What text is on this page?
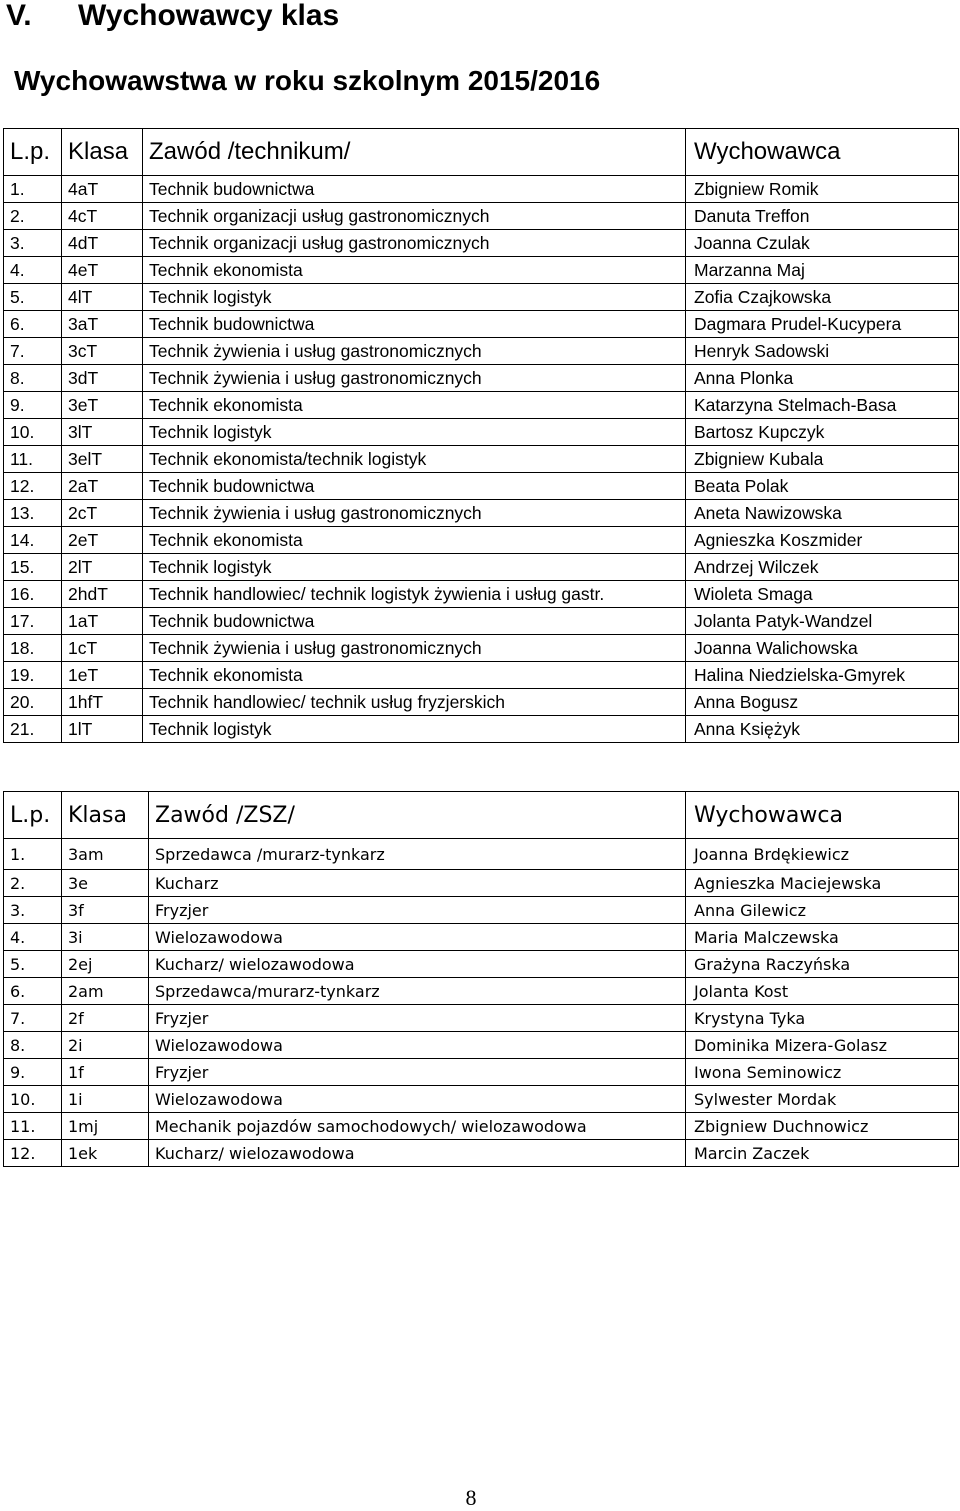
V. Wychowawcy klas
Wychowawstwa w roku szkolnym 2015/2016
L.p.	Klasa	Zawód /technikum/	Wychowawca
1.	4aT	Technik budownictwa	Zbigniew Romik
2.	4cT	Technik organizacji usług gastronomicznych	Danuta Treffon
3.	4dT	Technik organizacji usług gastronomicznych	Joanna Czulak
4.	4eT	Technik ekonomista	Marzanna Maj
5.	4lT	Technik logistyk	Zofia Czajkowska
6.	3aT	Technik budownictwa	Dagmara Prudel-Kucypera
7.	3cT	Technik żywienia i usług gastronomicznych	Henryk Sadowski
8.	3dT	Technik żywienia i usług gastronomicznych	Anna Plonka
9.	3eT	Technik ekonomista	Katarzyna Stelmach-Basa
10.	3lT	Technik logistyk	Bartosz Kupczyk
11.	3elT	Technik ekonomista/technik logistyk	Zbigniew Kubala
12.	2aT	Technik budownictwa	Beata Polak
13.	2cT	Technik żywienia i usług gastronomicznych	Aneta Nawizowska
14.	2eT	Technik ekonomista	Agnieszka Koszmider
15.	2lT	Technik logistyk	Andrzej Wilczek
16.	2hdT	Technik handlowiec/ technik logistyk żywienia i usług gastr.	Wioleta Smaga
17.	1aT	Technik budownictwa	Jolanta Patyk-Wandzel
18.	1cT	Technik żywienia i usług gastronomicznych	Joanna Walichowska
19.	1eT	Technik ekonomista	Halina Niedzielska-Gmyrek
20.	1hfT	Technik handlowiec/ technik usług fryzjerskich	Anna Bogusz
21.	1lT	Technik logistyk	Anna Księżyk
L.p.	Klasa	Zawód /ZSZ/	Wychowawca
1.	3am	Sprzedawca /murarz-tynkarz	Joanna Brdękiewicz
2.	3e	Kucharz	Agnieszka Maciejewska
3.	3f	Fryzjer	Anna Gilewicz
4.	3i	Wielozawodowa	Maria Malczewska
5.	2ej	Kucharz/ wielozawodowa	Grażyna Raczyńska
6.	2am	Sprzedawca/murarz-tynkarz	Jolanta Kost
7.	2f	Fryzjer	Krystyna Tyka
8.	2i	Wielozawodowa	Dominika Mizera-Golasz
9.	1f	Fryzjer	Iwona Seminowicz
10.	1i	Wielozawodowa	Sylwester Mordak
11.	1mj	Mechanik pojazdów samochodowych/ wielozawodowa	Zbigniew Duchnowicz
12.	1ek	Kucharz/ wielozawodowa	Marcin Zaczek
8
